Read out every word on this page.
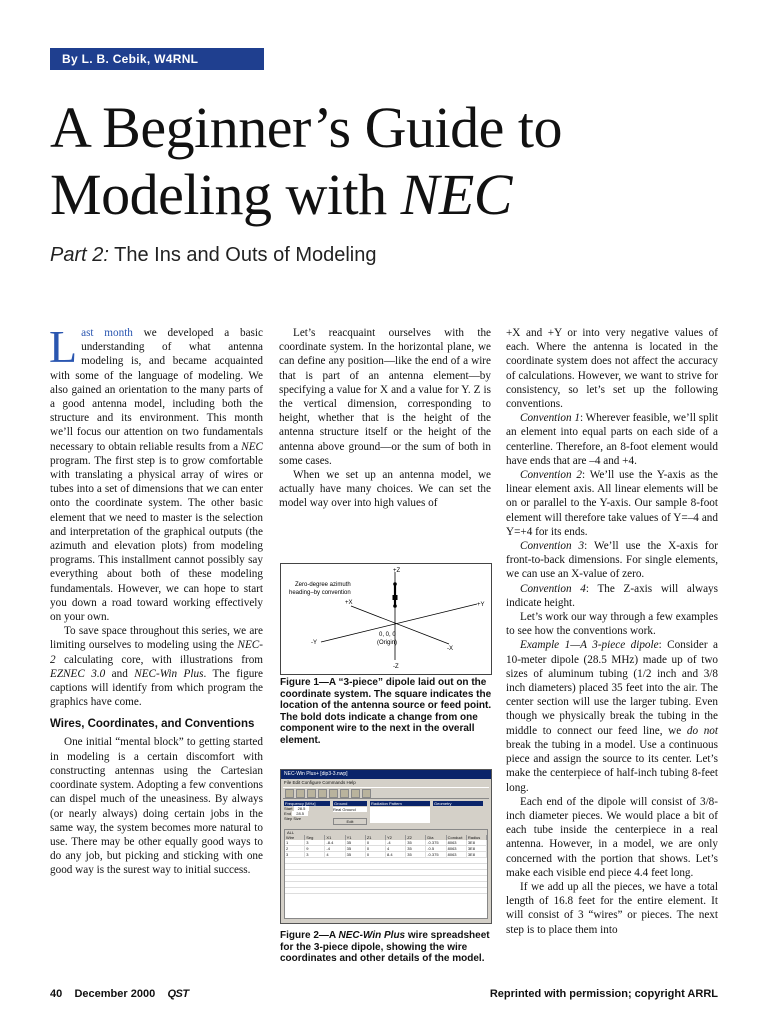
By L. B. Cebik, W4RNL
A Beginner’s Guide to
Modeling with NEC
Part 2: The Ins and Outs of Modeling

Last month we developed a basic understanding of what antenna modeling is, and became acquainted with some of the language of modeling. We also gained an orientation to the many parts of a good antenna model, including both the structure and its environment. This month we’ll focus our attention on two fundamentals necessary to obtain reliable results from a NEC program. The first step is to grow comfortable with translating a physical array of wires or tubes into a set of dimensions that we can enter onto the coordinate system. The other basic element that we need to master is the selection and interpretation of the graphical outputs (the azimuth and elevation plots) from modeling programs. This installment cannot possibly say everything about both of these modeling fundamentals. However, we can hope to start you down a road toward working effectively on your own.

To save space throughout this series, we are limiting ourselves to modeling using the NEC-2 calculating core, with illustrations from EZNEC 3.0 and NEC-Win Plus. The figure captions will identify from which program the graphics have come.

Wires, Coordinates, and Conventions

One initial “mental block” to getting started in modeling is a certain discomfort with constructing antennas using the Cartesian coordinate system. Adopting a few conventions can dispel much of the uneasiness. By always (or nearly always) doing certain jobs in the same way, the system becomes more natural to use. There may be other equally good ways to do any job, but picking and sticking with one good way is the surest way to initial success.

Let’s reacquaint ourselves with the coordinate system. In the horizontal plane, we can define any position—like the end of a wire that is part of an antenna element—by specifying a value for X and a value for Y. Z is the vertical dimension, corresponding to height, whether that is the height of the antenna structure itself or the height of the antenna above ground—or the sum of both in some cases.

When we set up an antenna model, we actually have many choices. We can set the model way over into high values of

+Z
Zero-degree azimuth
heading–by convention
+X	+Y
-Y
-X
0, 0, 0
(Origin)
-Z
Figure 1—A “3-piece” dipole laid out on the coordinate system. The square indicates the location of the antenna source or feed point. The bold dots indicate a change from one component wire to the next in the overall element.
NEC-Win Plus+ [dip3-3.nwp]
File Edit Configure Commands Help
Frequency [MHz]
Start 28.5
End 28.5
Step Size
Ground
Real Ground
Edit
Radiation Pattern	Geometry
ALL
Wire	Seg	X1	Y1	Z1	Y2	Z2	Dia	Conduct	Radius
1	3	-8.4	35	0	-4	35	.0.375	8063	3E8
2	9	-4	35	0	4	35	.0.5	8063	3E8
3	3	4	35	0	8.4	35	.0.375	8063	3E8
Figure 2—A NEC-Win Plus wire spreadsheet for the 3-piece dipole, showing the wire coordinates and other details of the model.

+X and +Y or into very negative values of each. Where the antenna is located in the coordinate system does not affect the accuracy of calculations. However, we want to strive for consistency, so let’s set up the following conventions.

Convention 1: Wherever feasible, we’ll split an element into equal parts on each side of a centerline. Therefore, an 8-foot element would have ends that are –4 and +4.

Convention 2: We’ll use the Y-axis as the linear element axis. All linear elements will be on or parallel to the Y-axis. Our sample 8-foot element will therefore take values of Y=–4 and Y=+4 for its ends.

Convention 3: We’ll use the X-axis for front-to-back dimensions. For single elements, we can use an X-value of zero.

Convention 4: The Z-axis will always indicate height.

Let’s work our way through a few examples to see how the conventions work.

Example 1—A 3-piece dipole: Consider a 10-meter dipole (28.5 MHz) made up of two sizes of aluminum tubing (1/2 inch and 3/8 inch diameters) placed 35 feet into the air. The center section will use the larger tubing. Even though we physically break the tubing in the middle to connect our feed line, we do not break the tubing in a model. Use a continuous piece and assign the source to its center. Let’s make the centerpiece of half-inch tubing 8-feet long.

Each end of the dipole will consist of 3/8-inch diameter pieces. We would place a bit of each tube inside the centerpiece in a real antenna. However, in a model, we are only concerned with the portion that shows. Let’s make each visible end piece 4.4 feet long.

If we add up all the pieces, we have a total length of 16.8 feet for the entire element. It will consist of 3 “wires” or pieces. The next step is to place them into

40 December 2000 QST	Reprinted with permission; copyright ARRL
